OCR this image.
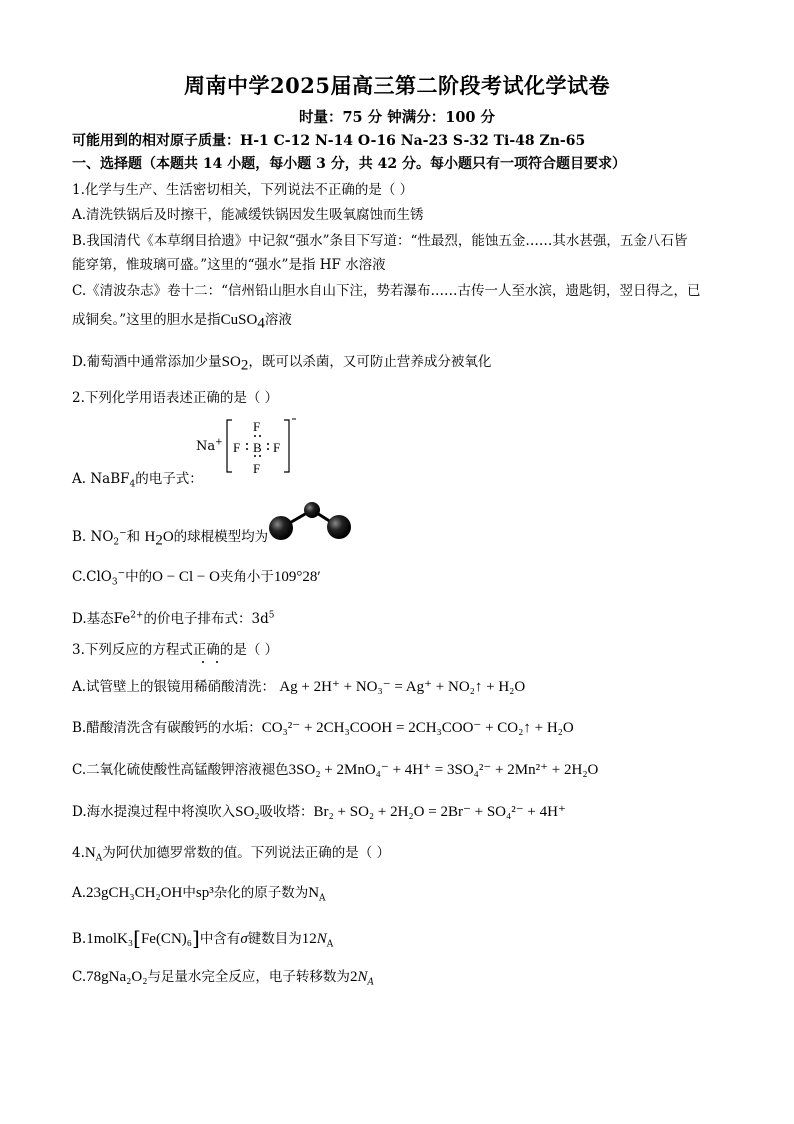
周南中学2025届高三第二阶段考试化学试卷
时量：75 分 钟满分：100 分
可能用到的相对原子质量：H-1 C-12 N-14 O-16 Na-23 S-32 Ti-48 Zn-65
一、选择题（本题共 14 小题，每小题 3 分，共 42 分。每小题只有一项符合题目要求）
1.化学与生产、生活密切相关，下列说法不正确的是（ ）
A.清洗铁锅后及时擦干，能减缓铁锅因发生吸氧腐蚀而生锈
B.我国清代《本草纲目拾遗》中记叙“强水”条目下写道：“性最烈，能蚀五金……其水甚强，五金八石皆
能穿第，惟玻璃可盛。”这里的“强水”是指 HF 水溶液
C.《清波杂志》卷十二：“信州铅山胆水自山下注，势若瀑布……古传一人至水滨，遗匙钥，翌日得之，已
成铜矣。”这里的胆水是指CuSO$_4$溶液
D.葡萄酒中通常添加少量$SO_2$，既可以杀菌，又可防止营养成分被氧化
2.下列化学用语表述正确的是（ ）
Na+
F
B
F
F	F
A. NaBF$_4$的电子式：
B. $NO_2^-$和 $H_2O$的球棍模型均为
C.ClO$_3$−中的O − Cl − O夹角小于109°28′
D.基态$Fe^{2+}$的价电子排布式：$3d^5$
3.下列反应的方程式正确的是（ ）
A.试管壁上的银镜用稀硝酸清洗： Ag + 2H⁺ + NO₃⁻ = Ag⁺ + NO₂↑ + H₂O
B.醋酸清洗含有碳酸钙的水垢：CO₃²⁻ + 2CH₃COOH = 2CH₃COO⁻ + CO₂↑ + H₂O
C.二氧化硫使酸性高锰酸钾溶液褪色3SO₂ + 2MnO₄⁻ + 4H⁺ = 3SO₄²⁻ + 2Mn²⁺ + 2H₂O
D.海水提溴过程中将溴吹入SO₂吸收塔：Br₂ + SO₂ + 2H₂O = 2Br⁻ + SO₄²⁻ + 4H⁺
$4.N_A$为阿伏加德罗常数的值。下列说法正确的是（ ）
A.23gCH₃CH₂OH中sp³杂化的原子数为$N_A$
B.1molK₃[Fe(CN)₆]中含有σ键数目为$12N_A$
C.78gNa₂O₂与足量水完全反应，电子转移数为$2N_A$
